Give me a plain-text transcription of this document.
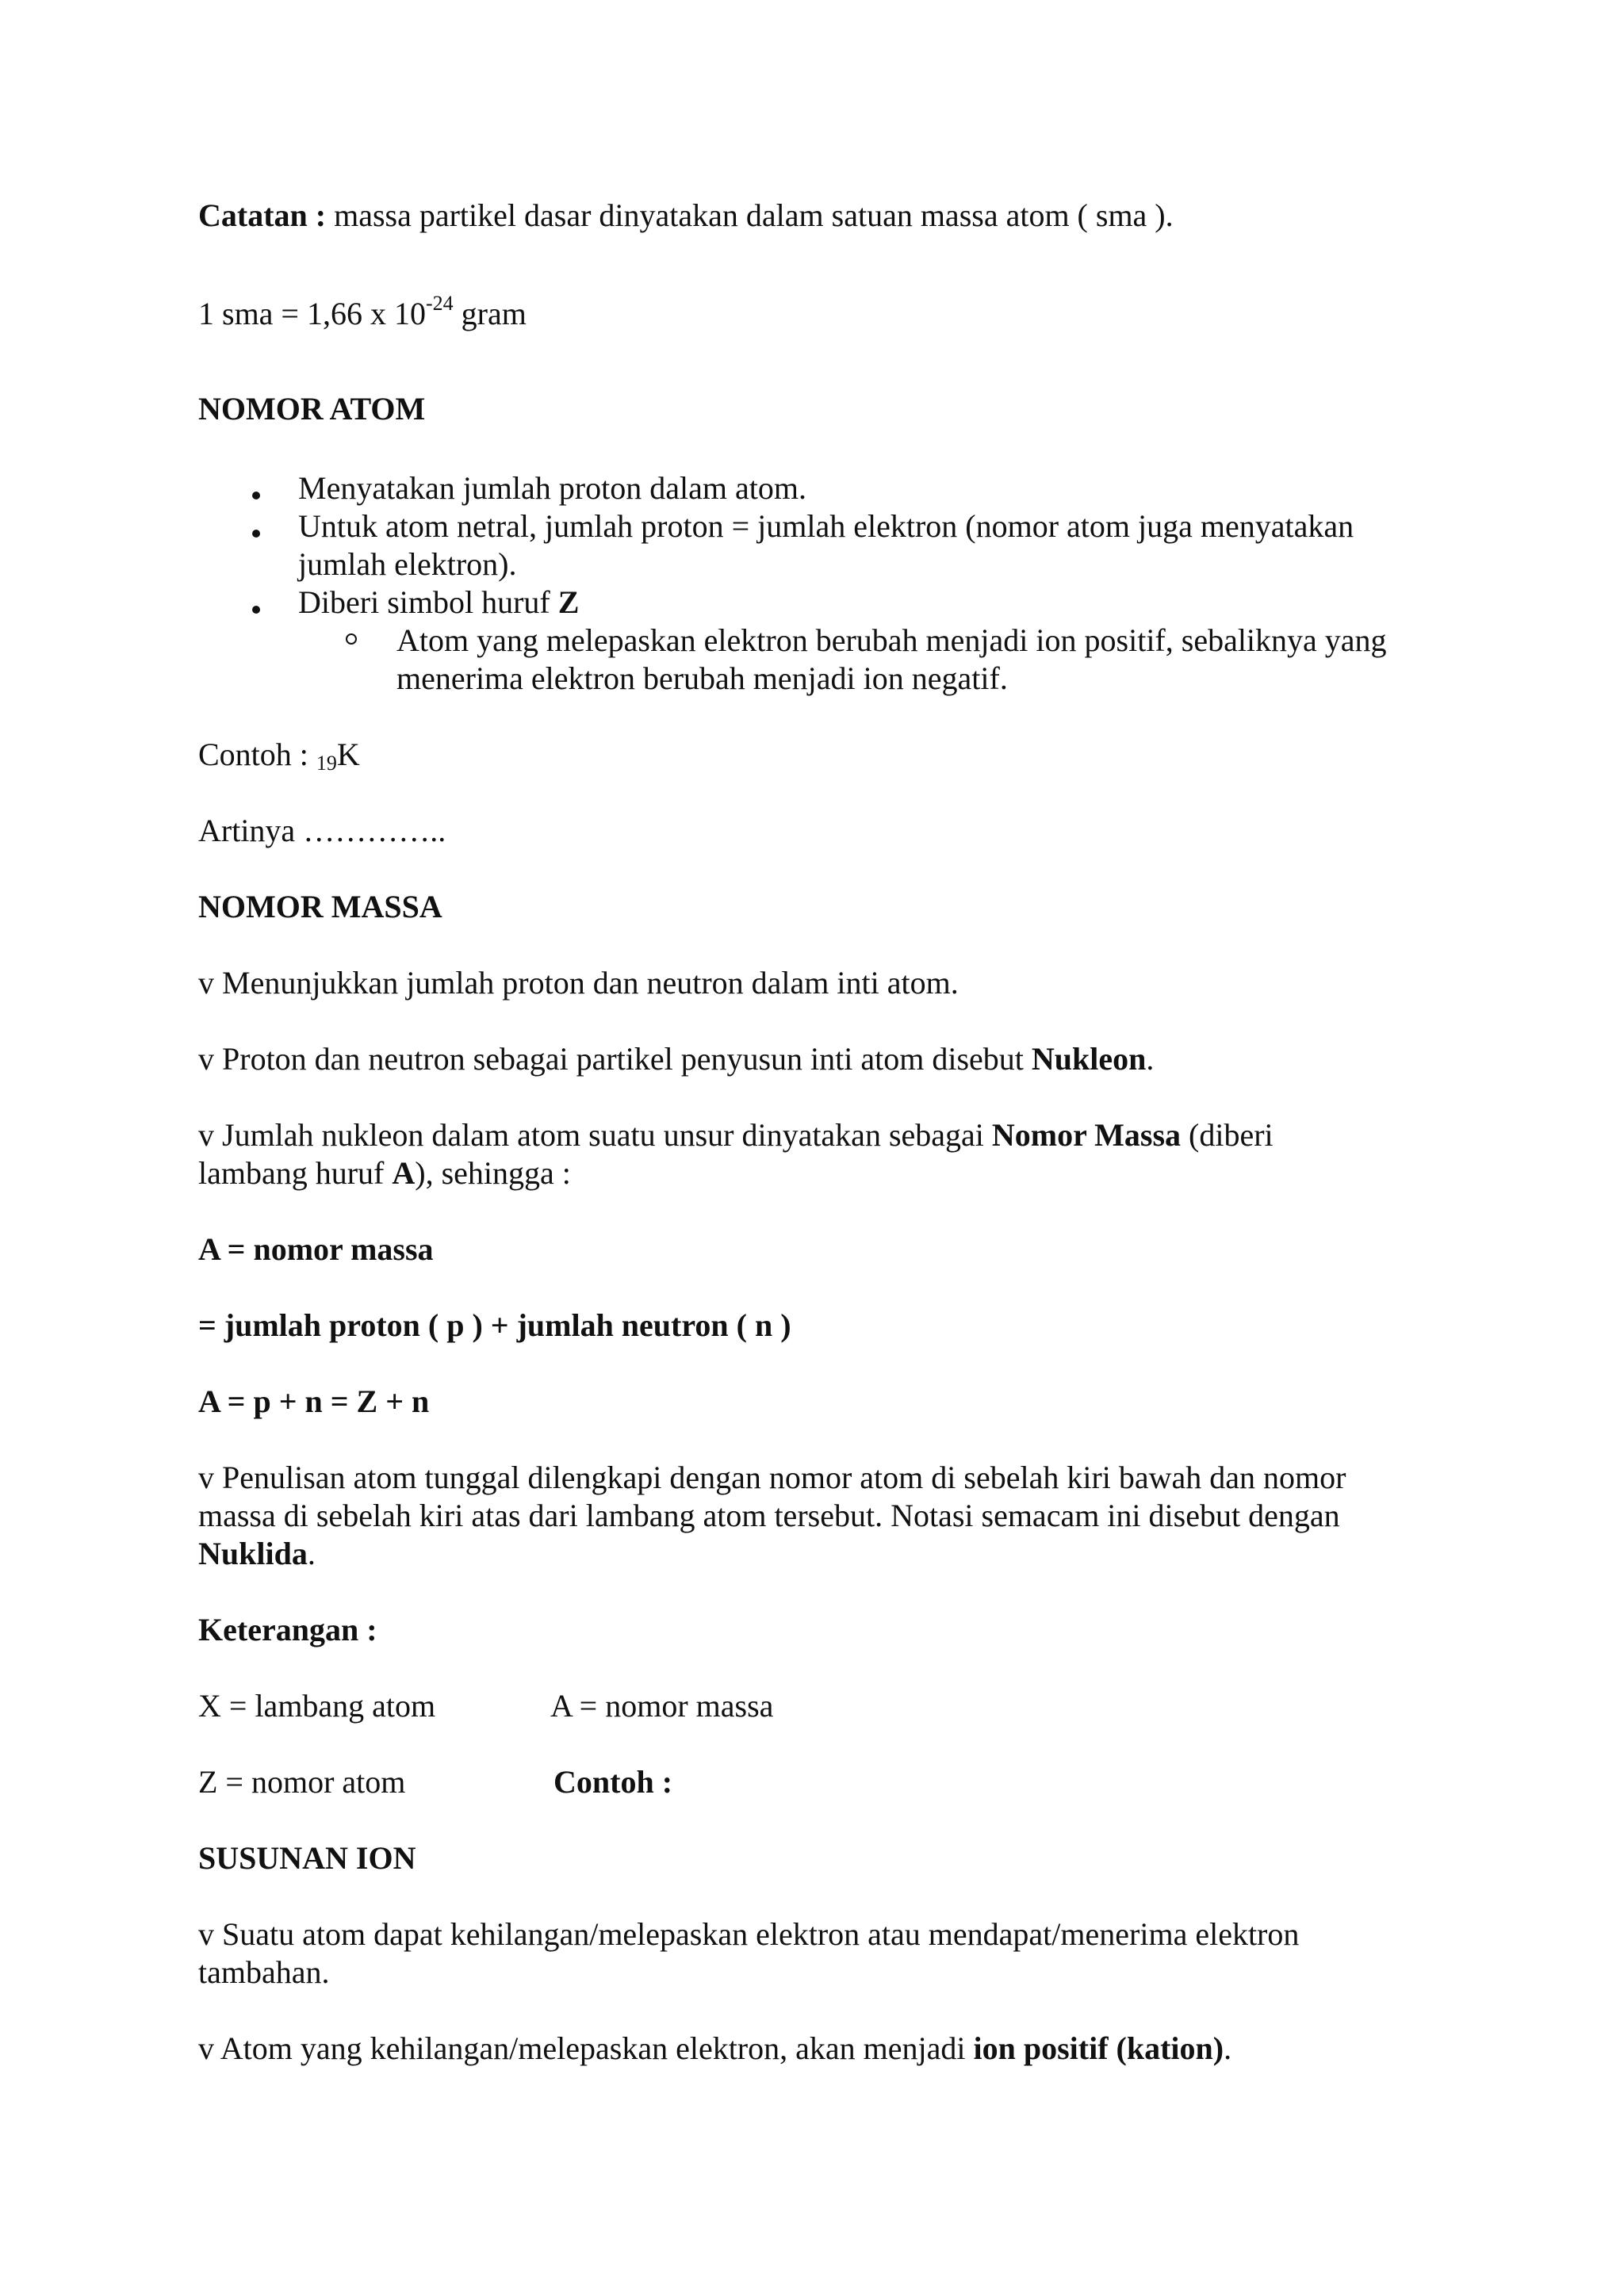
Catatan : massa partikel dasar dinyatakan dalam satuan massa atom ( sma ).
1 sma = 1,66 x $10^{-24}$ gram
NOMOR ATOM
Menyatakan jumlah proton dalam atom.
Untuk atom netral, jumlah proton = jumlah elektron (nomor atom juga menyatakan
jumlah elektron).
Diberi simbol huruf Z
Atom yang melepaskan elektron berubah menjadi ion positif, sebaliknya yang
menerima elektron berubah menjadi ion negatif.
Contoh : $_{19}$K
Artinya …………..
NOMOR MASSA
v Menunjukkan jumlah proton dan neutron dalam inti atom.
v Proton dan neutron sebagai partikel penyusun inti atom disebut Nukleon.
v Jumlah nukleon dalam atom suatu unsur dinyatakan sebagai Nomor Massa (diberi
lambang huruf A), sehingga :
A = nomor massa
= jumlah proton ( p ) + jumlah neutron ( n )
A = p + n = Z + n
v Penulisan atom tunggal dilengkapi dengan nomor atom di sebelah kiri bawah dan nomor
massa di sebelah kiri atas dari lambang atom tersebut. Notasi semacam ini disebut dengan
Nuklida.
Keterangan :
X = lambang atom	A = nomor massa
Z = nomor atom	Contoh :
SUSUNAN ION
v Suatu atom dapat kehilangan/melepaskan elektron atau mendapat/menerima elektron
tambahan.
v Atom yang kehilangan/melepaskan elektron, akan menjadi ion positif (kation).
